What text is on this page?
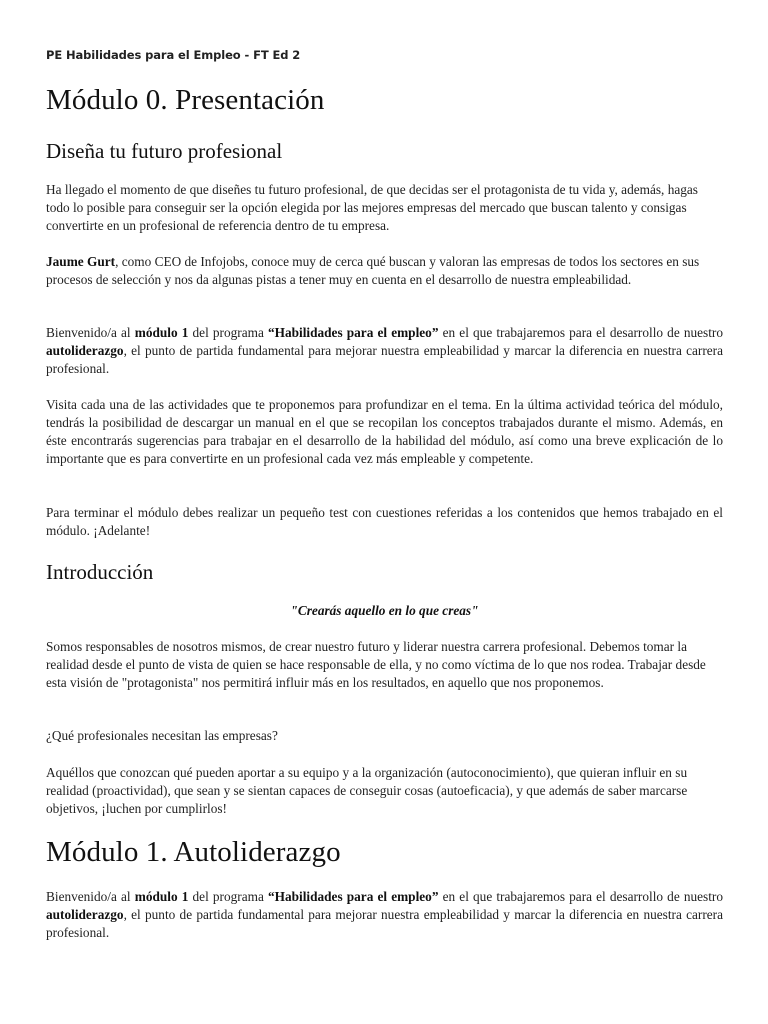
PE Habilidades para el Empleo - FT Ed 2
Módulo 0. Presentación
Diseña tu futuro profesional

Ha llegado el momento de que diseñes tu futuro profesional, de que decidas ser el protagonista de tu vida y, además, hagas todo lo posible para conseguir ser la opción elegida por las mejores empresas del mercado que buscan talento y consigas convertirte en un profesional de referencia dentro de tu empresa.

Jaume Gurt, como CEO de Infojobs, conoce muy de cerca qué buscan y valoran las empresas de todos los sectores en sus procesos de selección y nos da algunas pistas a tener muy en cuenta en el desarrollo de nuestra empleabilidad.

Bienvenido/a al módulo 1 del programa “Habilidades para el empleo” en el que trabajaremos para el desarrollo de nuestro autoliderazgo, el punto de partida fundamental para mejorar nuestra empleabilidad y marcar la diferencia en nuestra carrera profesional.

Visita cada una de las actividades que te proponemos para profundizar en el tema. En la última actividad teórica del módulo, tendrás la posibilidad de descargar un manual en el que se recopilan los conceptos trabajados durante el mismo. Además, en éste encontrarás sugerencias para trabajar en el desarrollo de la habilidad del módulo, así como una breve explicación de lo importante que es para convertirte en un profesional cada vez más empleable y competente.

Para terminar el módulo debes realizar un pequeño test con cuestiones referidas a los contenidos que hemos trabajado en el módulo. ¡Adelante!

Introducción

"Crearás aquello en lo que creas"

Somos responsables de nosotros mismos, de crear nuestro futuro y liderar nuestra carrera profesional. Debemos tomar la realidad desde el punto de vista de quien se hace responsable de ella, y no como víctima de lo que nos rodea. Trabajar desde esta visión de "protagonista" nos permitirá influir más en los resultados, en aquello que nos proponemos.

¿Qué profesionales necesitan las empresas?

Aquéllos que conozcan qué pueden aportar a su equipo y a la organización (autoconocimiento), que quieran influir en su realidad (proactividad), que sean y se sientan capaces de conseguir cosas (autoeficacia), y que además de saber marcarse objetivos, ¡luchen por cumplirlos!

Módulo 1. Autoliderazgo

Bienvenido/a al módulo 1 del programa “Habilidades para el empleo” en el que trabajaremos para el desarrollo de nuestro autoliderazgo, el punto de partida fundamental para mejorar nuestra empleabilidad y marcar la diferencia en nuestra carrera profesional.
